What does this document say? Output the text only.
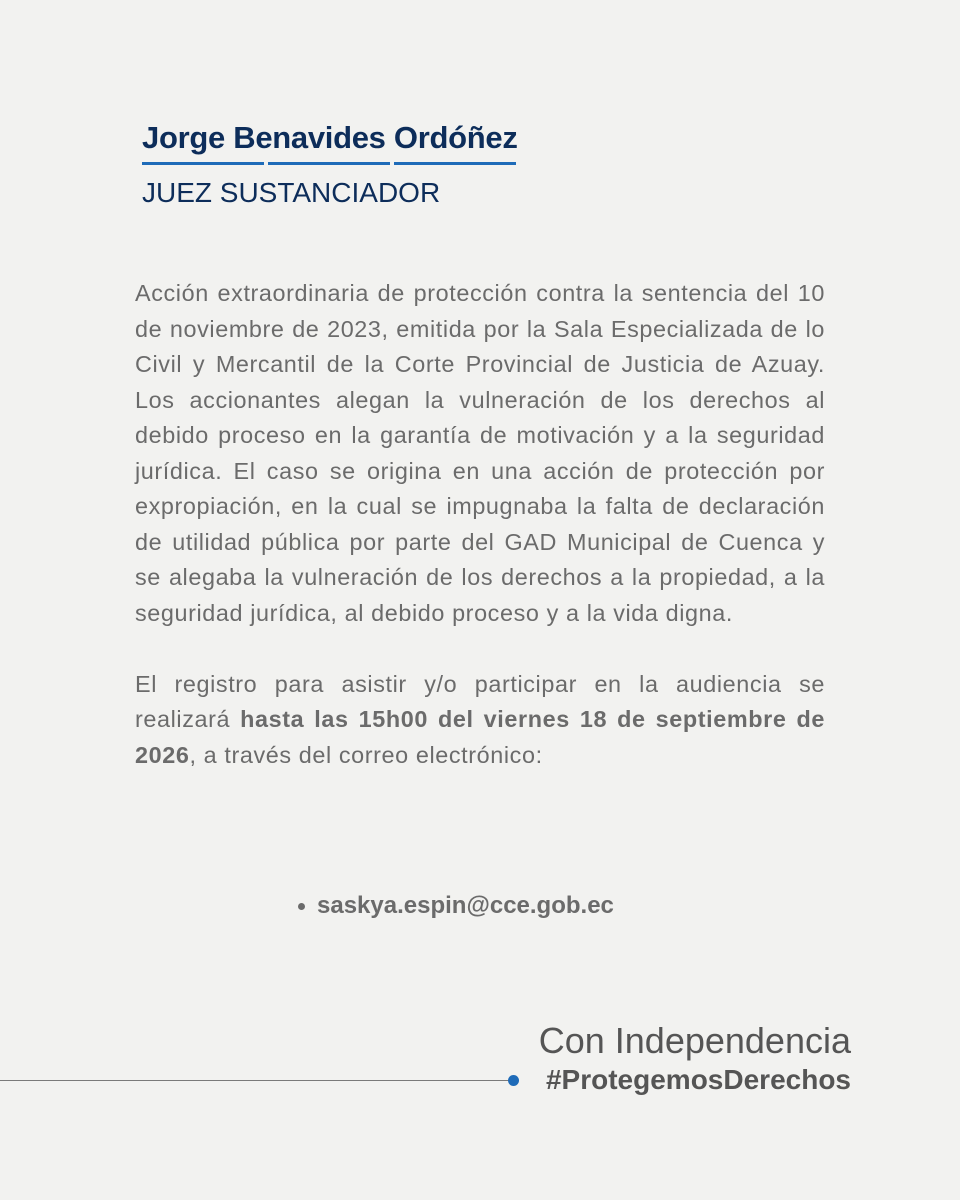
Jorge Benavides Ordóñez
JUEZ SUSTANCIADOR

Acción extraordinaria de protección contra la sentencia del 10 de noviembre de 2023, emitida por la Sala Especializada de lo Civil y Mercantil de la Corte Provincial de Justicia de Azuay. Los accionantes alegan la vulneración de los derechos al debido proceso en la garantía de motivación y a la seguridad jurídica. El caso se origina en una acción de protección por expropiación, en la cual se impugnaba la falta de declaración de utilidad pública por parte del GAD Municipal de Cuenca y se alegaba la vulneración de los derechos a la propiedad, a la seguridad jurídica, al debido proceso y a la vida digna.

El registro para asistir y/o participar en la audiencia se realizará hasta las 15h00 del viernes 18 de septiembre de 2026, a través del correo electrónico:

saskya.espin@cce.gob.ec
Con Independencia
#ProtegemosDerechos
